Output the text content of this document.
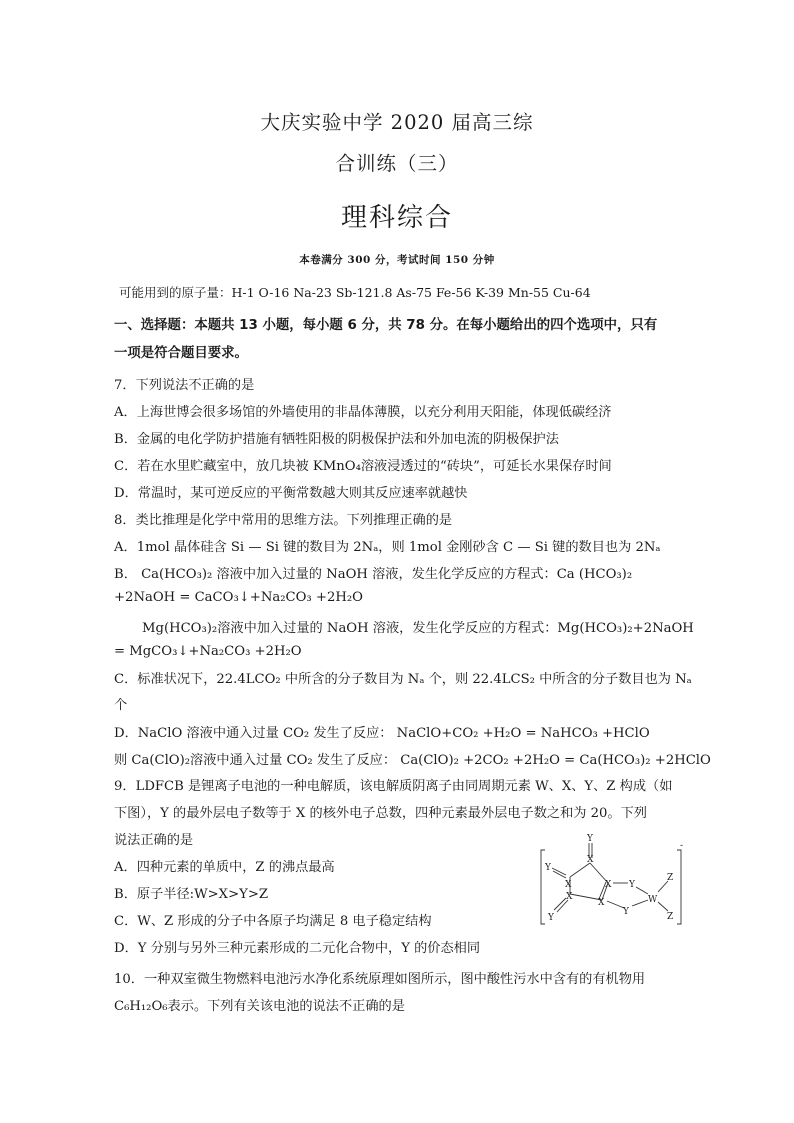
大庆实验中学 2020 届高三综
合训练（三）
理科综合
本卷满分 300 分，考试时间 150 分钟
可能用到的原子量：H-1 O-16 Na-23 Sb-121.8 As-75 Fe-56 K-39 Mn-55 Cu-64
一、选择题：本题共 13 小题，每小题 6 分，共 78 分。在每小题给出的四个选项中，只有
一项是符合题目要求。
7．下列说法不正确的是
A．上海世博会很多场馆的外墙使用的非晶体薄膜，以充分利用天阳能，体现低碳经济
B．金属的电化学防护措施有牺牲阳极的阴极保护法和外加电流的阴极保护法
C．若在水里贮藏室中，放几块被 KMnO₄溶液浸透过的“砖块”，可延长水果保存时间
D．常温时，某可逆反应的平衡常数越大则其反应速率就越快
8．类比推理是化学中常用的思维方法。下列推理正确的是
A．1mol 晶体硅含 Si — Si 键的数目为 2Nₐ，则 1mol 金刚砂含 C — Si 键的数目也为 2Nₐ
B． Ca(HCO₃)₂ 溶液中加入过量的 NaOH 溶液，发生化学反应的方程式：Ca (HCO₃)₂
+2NaOH = CaCO₃↓+Na₂CO₃ +2H₂O
Mg(HCO₃)₂溶液中加入过量的 NaOH 溶液，发生化学反应的方程式：Mg(HCO₃)₂+2NaOH
= MgCO₃↓+Na₂CO₃ +2H₂O
C．标准状况下，22.4LCO₂ 中所含的分子数目为 Nₐ 个，则 22.4LCS₂ 中所含的分子数目也为 Nₐ
个
D．NaClO 溶液中通入过量 CO₂ 发生了反应： NaClO+CO₂ +H₂O = NaHCO₃ +HClO
则 Ca(ClO)₂溶液中通入过量 CO₂ 发生了反应： Ca(ClO)₂ +2CO₂ +2H₂O = Ca(HCO₃)₂ +2HClO
9．LDFCB 是锂离子电池的一种电解质，该电解质阴离子由同周期元素 W、X、Y、Z 构成（如
下图），Y 的最外层电子数等于 X 的核外电子总数，四种元素最外层电子数之和为 20。下列
说法正确的是
A．四种元素的单质中，Z 的沸点最高
B．原子半径:W>X>Y>Z
C．W、Z 形成的分子中各原子均满足 8 电子稳定结构
D．Y 分别与另外三种元素形成的二元化合物中，Y 的价态相同
Y
X
Y
X	X Y
X
X
Y
Y
W
Z
Z
-
10．一种双室微生物燃料电池污水净化系统原理如图所示，图中酸性污水中含有的有机物用
C₆H₁₂O₆表示。下列有关该电池的说法不正确的是
